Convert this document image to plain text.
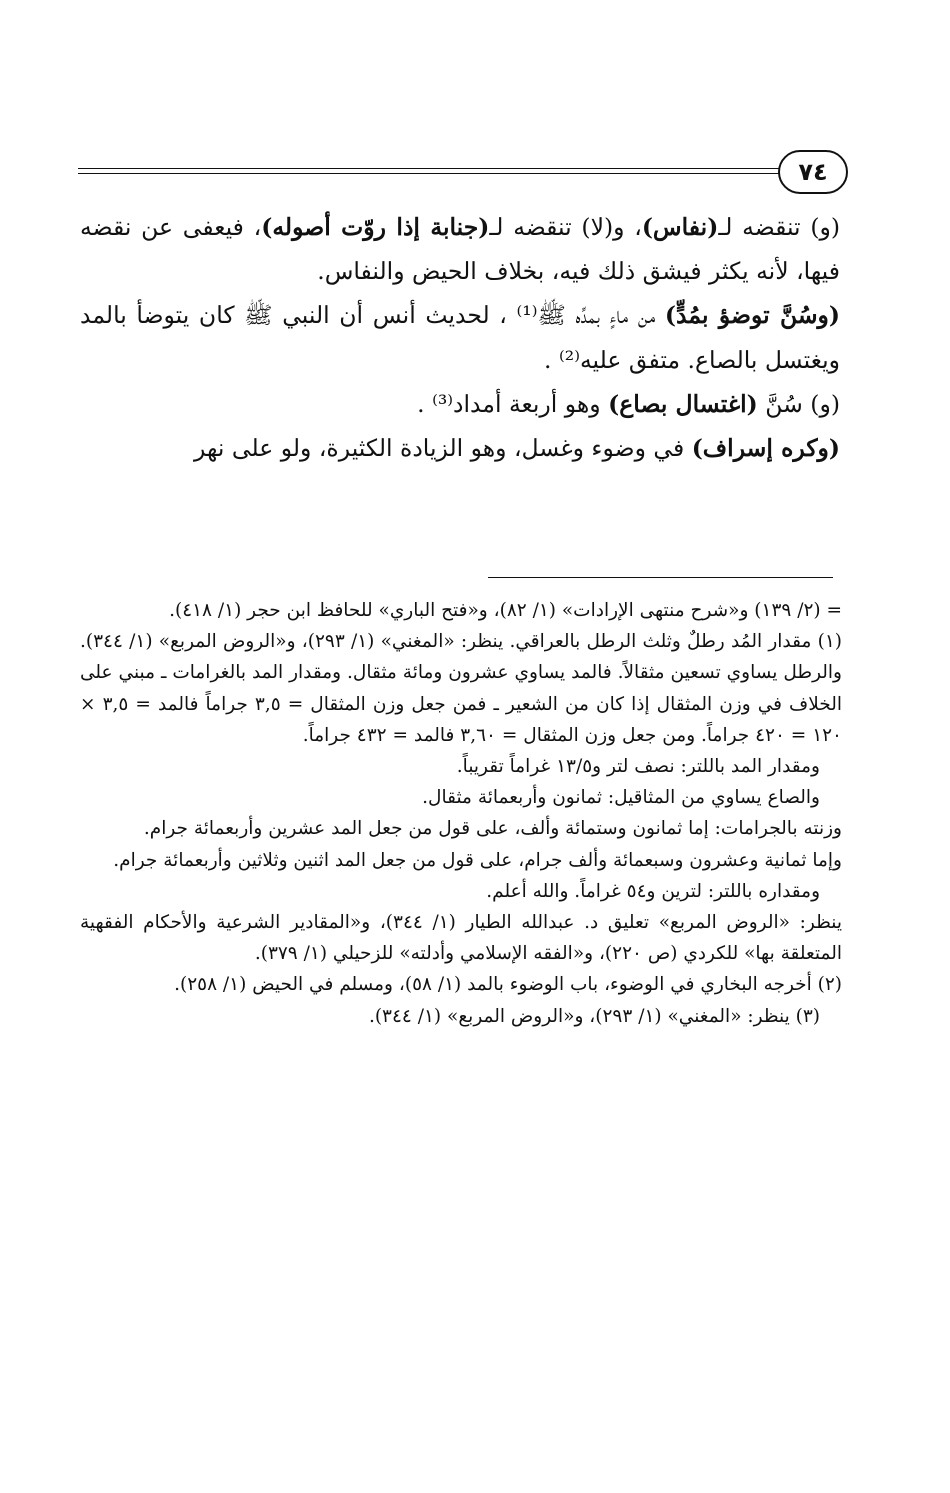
٧٤

(و) تنقضه لـ(نفاس)، و(لا) تنقضه لـ(جنابة إذا روّت أصوله)، فيعفى عن نقضه فيها، لأنه يكثر فيشق ذلك فيه، بخلاف الحيض والنفاس.

(وسُنَّ توضؤ بمُدٍّ) من ماءٍ بمدِّه ﷺ⁽¹⁾ ، لحديث أنس أن النبي ﷺ كان يتوضأ بالمد ويغتسل بالصاع. متفق عليه⁽²⁾ .

(و) سُنَّ (اغتسال بصاع) وهو أربعة أمداد⁽³⁾ .

(وكره إسراف) في وضوء وغسل، وهو الزيادة الكثيرة، ولو على نهر

= (٢/ ١٣٩) و«شرح منتهى الإرادات» (١/ ٨٢)، و«فتح الباري» للحافظ ابن حجر (١/ ٤١٨).

(١) مقدار المُد رطلٌ وثلث الرطل بالعراقي. ينظر: «المغني» (١/ ٢٩٣)، و«الروض المربع» (١/ ٣٤٤). والرطل يساوي تسعين مثقالاً. فالمد يساوي عشرون ومائة مثقال. ومقدار المد بالغرامات ـ مبني على الخلاف في وزن المثقال إذا كان من الشعير ـ فمن جعل وزن المثقال = ٣,٥ جراماً فالمد = ٣,٥ × ١٢٠ = ٤٢٠ جراماً. ومن جعل وزن المثقال = ٣,٦٠ فالمد = ٤٣٢ جراماً.

ومقدار المد باللتر: نصف لتر و١٣/٥ غراماً تقريباً.

والصاع يساوي من المثاقيل: ثمانون وأربعمائة مثقال.

وزنته بالجرامات: إما ثمانون وستمائة وألف، على قول من جعل المد عشرين وأربعمائة جرام.

وإما ثمانية وعشرون وسبعمائة وألف جرام، على قول من جعل المد اثنين وثلاثين وأربعمائة جرام.

ومقداره باللتر: لترين و٥٤ غراماً. والله أعلم.

ينظر: «الروض المربع» تعليق د. عبدالله الطيار (١/ ٣٤٤)، و«المقادير الشرعية والأحكام الفقهية المتعلقة بها» للكردي (ص ٢٢٠)، و«الفقه الإسلامي وأدلته» للزحيلي (١/ ٣٧٩).

(٢) أخرجه البخاري في الوضوء، باب الوضوء بالمد (١/ ٥٨)، ومسلم في الحيض (١/ ٢٥٨).

(٣) ينظر: «المغني» (١/ ٢٩٣)، و«الروض المربع» (١/ ٣٤٤).
